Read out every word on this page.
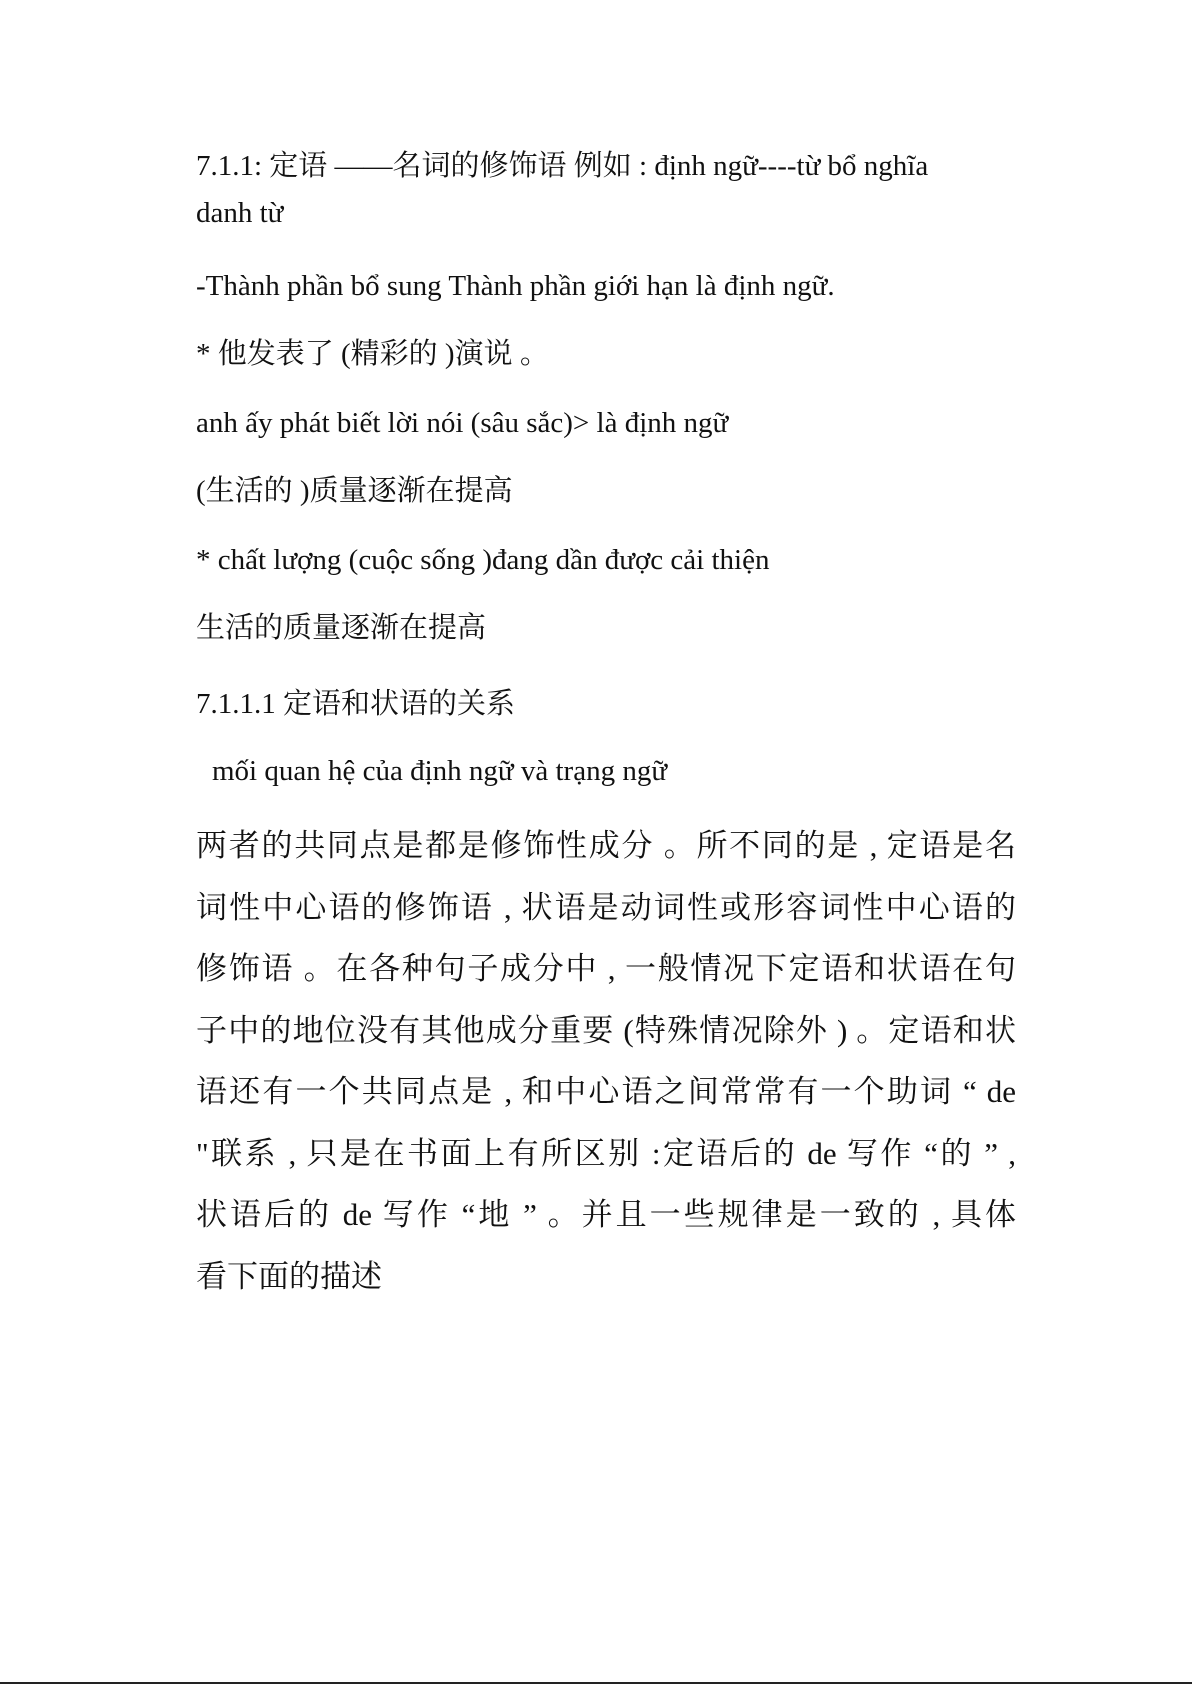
7.1.1: 定语 ——名词的修饰语 例如 : định ngữ----từ bổ nghĩa
danh từ
-Thành phần bổ sung Thành phần giới hạn là định ngữ.
* 他发表了 (精彩的 )演说 。
anh ấy phát biết lời nói (sâu sắc)> là định ngữ
(生活的 )质量逐渐在提高
* chất lượng (cuộc sống )đang dần được cải thiện
生活的质量逐渐在提高
7.1.1.1 定语和状语的关系
mối quan hệ của định ngữ và trạng ngữ
两者的共同点是都是修饰性成分 。所不同的是 , 定语是名
词性中心语的修饰语 , 状语是动词性或形容词性中心语的
修饰语 。在各种句子成分中 , 一般情况下定语和状语在句
子中的地位没有其他成分重要 (特殊情况除外 ) 。定语和状
语还有一个共同点是 , 和中心语之间常常有一个助词 “ de
"联系 , 只是在书面上有所区别 :定语后的 de 写作 “的 ” ,
状语后的 de 写作 “地 ” 。并且一些规律是一致的 , 具体
看下面的描述
